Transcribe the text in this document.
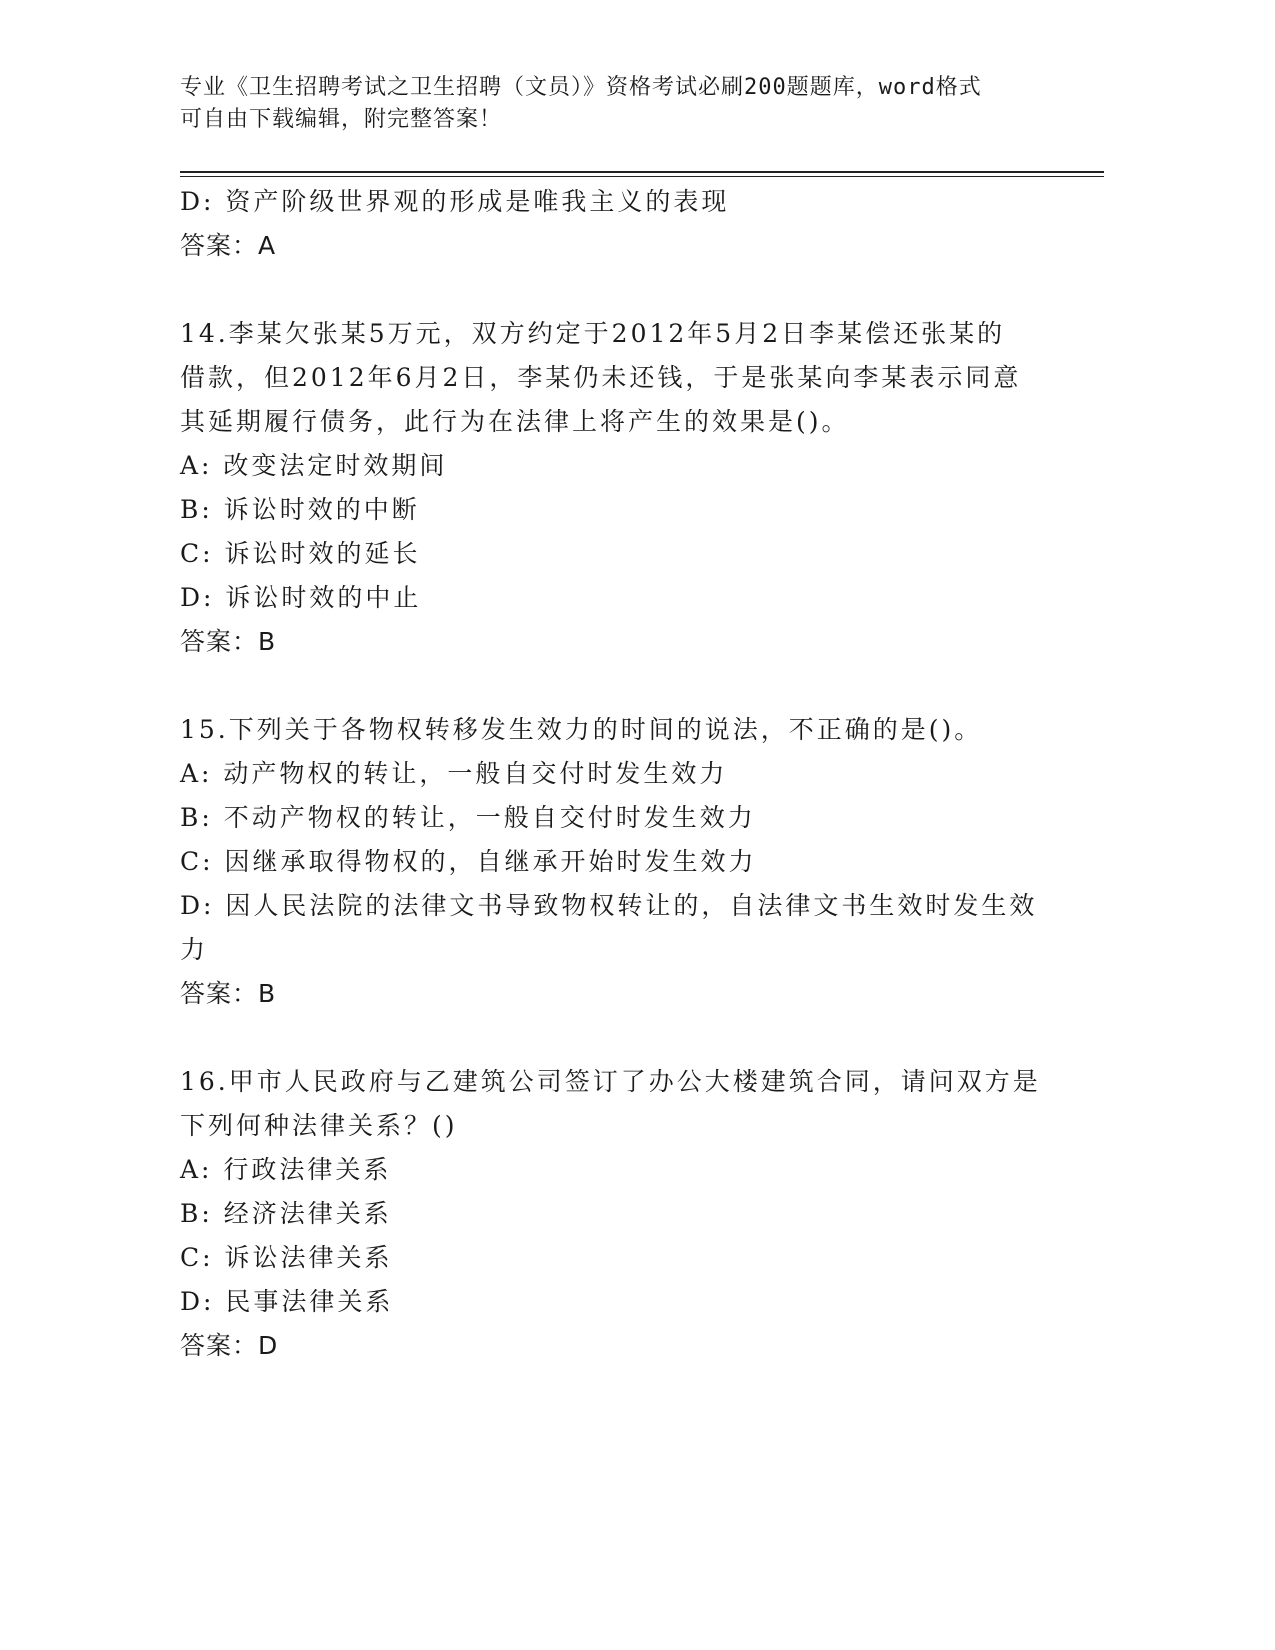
专业《卫生招聘考试之卫生招聘（文员）》资格考试必刷200题题库，word格式
可自由下载编辑，附完整答案！
D: 资产阶级世界观的形成是唯我主义的表现
答案：A
14.李某欠张某5万元，双方约定于2012年5月2日李某偿还张某的
借款，但2012年6月2日，李某仍未还钱，于是张某向李某表示同意
其延期履行债务，此行为在法律上将产生的效果是()。
A: 改变法定时效期间
B: 诉讼时效的中断
C: 诉讼时效的延长
D: 诉讼时效的中止
答案：B
15.下列关于各物权转移发生效力的时间的说法，不正确的是()。
A: 动产物权的转让，一般自交付时发生效力
B: 不动产物权的转让，一般自交付时发生效力
C: 因继承取得物权的，自继承开始时发生效力
D: 因人民法院的法律文书导致物权转让的，自法律文书生效时发生效
力
答案：B
16.甲市人民政府与乙建筑公司签订了办公大楼建筑合同，请问双方是
下列何种法律关系？()
A: 行政法律关系
B: 经济法律关系
C: 诉讼法律关系
D: 民事法律关系
答案：D
